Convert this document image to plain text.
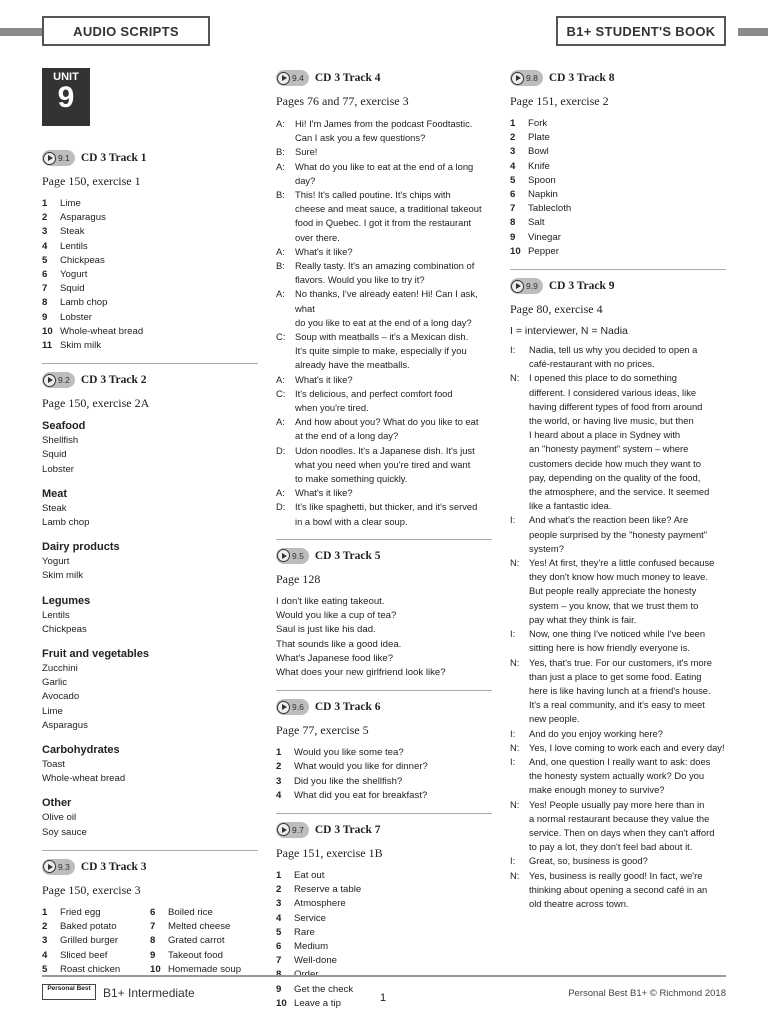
AUDIO SCRIPTS	B1+ STUDENT'S BOOK
UNIT
9
9.1 CD 3 Track 1
Page 150, exercise 1
1	Lime
2	Asparagus
3	Steak
4	Lentils
5	Chickpeas
6	Yogurt
7	Squid
8	Lamb chop
9	Lobster
10 Whole-wheat bread
11 Skim milk
9.2 CD 3 Track 2
Page 150, exercise 2A
Seafood
Shellfish
Squid
Lobster
Meat
Steak
Lamb chop
Dairy products
Yogurt
Skim milk
Legumes
Lentils
Chickpeas
Fruit and vegetables
Zucchini
Garlic
Avocado
Lime
Asparagus
Carbohydrates
Toast
Whole-wheat bread
Other
Olive oil
Soy sauce
9.3 CD 3 Track 3
Page 150, exercise 3
1	Fried egg
2	Baked potato
3	Grilled burger
4	Sliced beef
5	Roast chicken
6	Boiled rice
7	Melted cheese
8	Grated carrot
9	Takeout food
10 Homemade soup
9.4 CD 3 Track 4
Pages 76 and 77, exercise 3
A:	Hi! I'm James from the podcast Foodtastic.
Can I ask you a few questions?
B:	Sure!
A:	What do you like to eat at the end of a long day?
B:	This! It's called poutine. It's chips with
cheese and meat sauce, a traditional takeout
food in Quebec. I got it from the restaurant
over there.
A:	What's it like?
B:	Really tasty. It's an amazing combination of
flavors. Would you like to try it?
A:	No thanks, I've already eaten! Hi! Can I ask, what
do you like to eat at the end of a long day?
C:	Soup with meatballs – it's a Mexican dish.
It's quite simple to make, especially if you
already have the meatballs.
A:	What's it like?
C:	It's delicious, and perfect comfort food
when you're tired.
A:	And how about you? What do you like to eat
at the end of a long day?
D:	Udon noodles. It's a Japanese dish. It's just
what you need when you're tired and want
to make something quickly.
A:	What's it like?
D:	It's like spaghetti, but thicker, and it's served
in a bowl with a clear soup.
9.5 CD 3 Track 5
Page 128
I don't like eating takeout.
Would you like a cup of tea?
Saul is just like his dad.
That sounds like a good idea.
What's Japanese food like?
What does your new girlfriend look like?
9.6 CD 3 Track 6
Page 77, exercise 5
1	Would you like some tea?
2	What would you like for dinner?
3	Did you like the shellfish?
4	What did you eat for breakfast?
9.7 CD 3 Track 7
Page 151, exercise 1B
1	Eat out
2	Reserve a table
3	Atmosphere
4	Service
5	Rare
6	Medium
7	Well-done
8	Order
9	Get the check
10 Leave a tip
9.8 CD 3 Track 8
Page 151, exercise 2
1	Fork
2	Plate
3	Bowl
4	Knife
5	Spoon
6	Napkin
7	Tablecloth
8	Salt
9	Vinegar
10 Pepper
9.9 CD 3 Track 9
Page 80, exercise 4
I = interviewer, N = Nadia
I:	Nadia, tell us why you decided to open a
café-restaurant with no prices.
N:	I opened this place to do something
different. I considered various ideas, like
having different types of food from around
the world, or having live music, but then
I heard about a place in Sydney with
an "honesty payment" system – where
customers decide how much they want to
pay, depending on the quality of the food,
the atmosphere, and the service. It seemed
like a fantastic idea.
I:	And what's the reaction been like? Are
people surprised by the "honesty payment"
system?
N:	Yes! At first, they're a little confused because
they don't know how much money to leave.
But people really appreciate the honesty
system – you know, that we trust them to
pay what they think is fair.
I:	Now, one thing I've noticed while I've been
sitting here is how friendly everyone is.
N:	Yes, that's true. For our customers, it's more
than just a place to get some food. Eating
here is like having lunch at a friend's house.
It's a real community, and it's easy to meet
new people.
I:	And do you enjoy working here?
N:	Yes, I love coming to work each and every day!
I:	And, one question I really want to ask: does
the honesty system actually work? Do you
make enough money to survive?
N:	Yes! People usually pay more here than in
a normal restaurant because they value the
service. Then on days when they can't afford
to pay a lot, they don't feel bad about it.
I:	Great, so, business is good?
N:	Yes, business is really good! In fact, we're
thinking about opening a second café in an
old theatre across town.
Personal Best	B1+ Intermediate	1	Personal Best B1+ © Richmond 2018
